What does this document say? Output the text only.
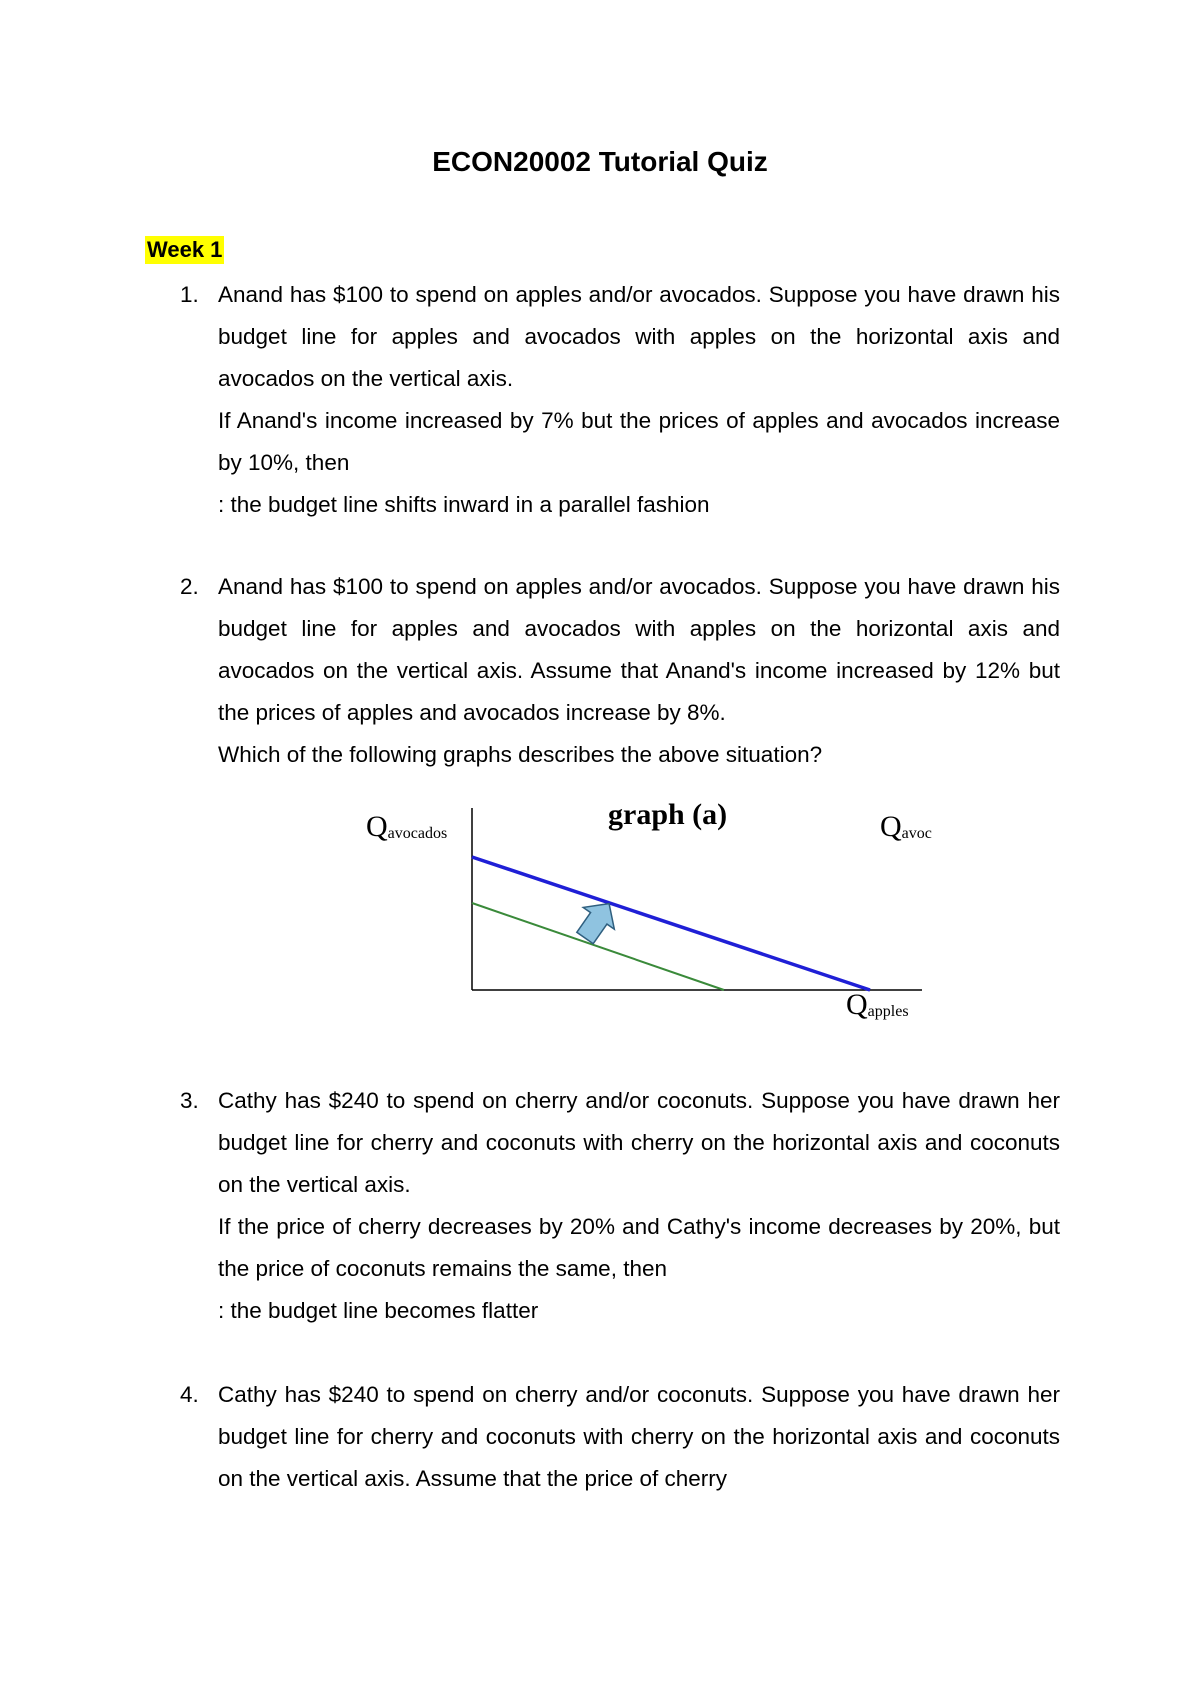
ECON20002 Tutorial Quiz
Week 1
1. Anand has $100 to spend on apples and/or avocados. Suppose you have drawn his budget line for apples and avocados with apples on the horizontal axis and avocados on the vertical axis.

If Anand's income increased by 7% but the prices of apples and avocados increase by 10%, then

: the budget line shifts inward in a parallel fashion

2. Anand has $100 to spend on apples and/or avocados. Suppose you have drawn his budget line for apples and avocados with apples on the horizontal axis and avocados on the vertical axis. Assume that Anand's income increased by 12% but the prices of apples and avocados increase by 8%.

Which of the following graphs describes the above situation?

graph (a)
Qavocados	Qavoc
Qapples
3. Cathy has $240 to spend on cherry and/or coconuts. Suppose you have drawn her budget line for cherry and coconuts with cherry on the horizontal axis and coconuts on the vertical axis.

If the price of cherry decreases by 20% and Cathy's income decreases by 20%, but the price of coconuts remains the same, then

: the budget line becomes flatter

4. Cathy has $240 to spend on cherry and/or coconuts. Suppose you have drawn her budget line for cherry and coconuts with cherry on the horizontal axis and coconuts on the vertical axis. Assume that the price of cherry
